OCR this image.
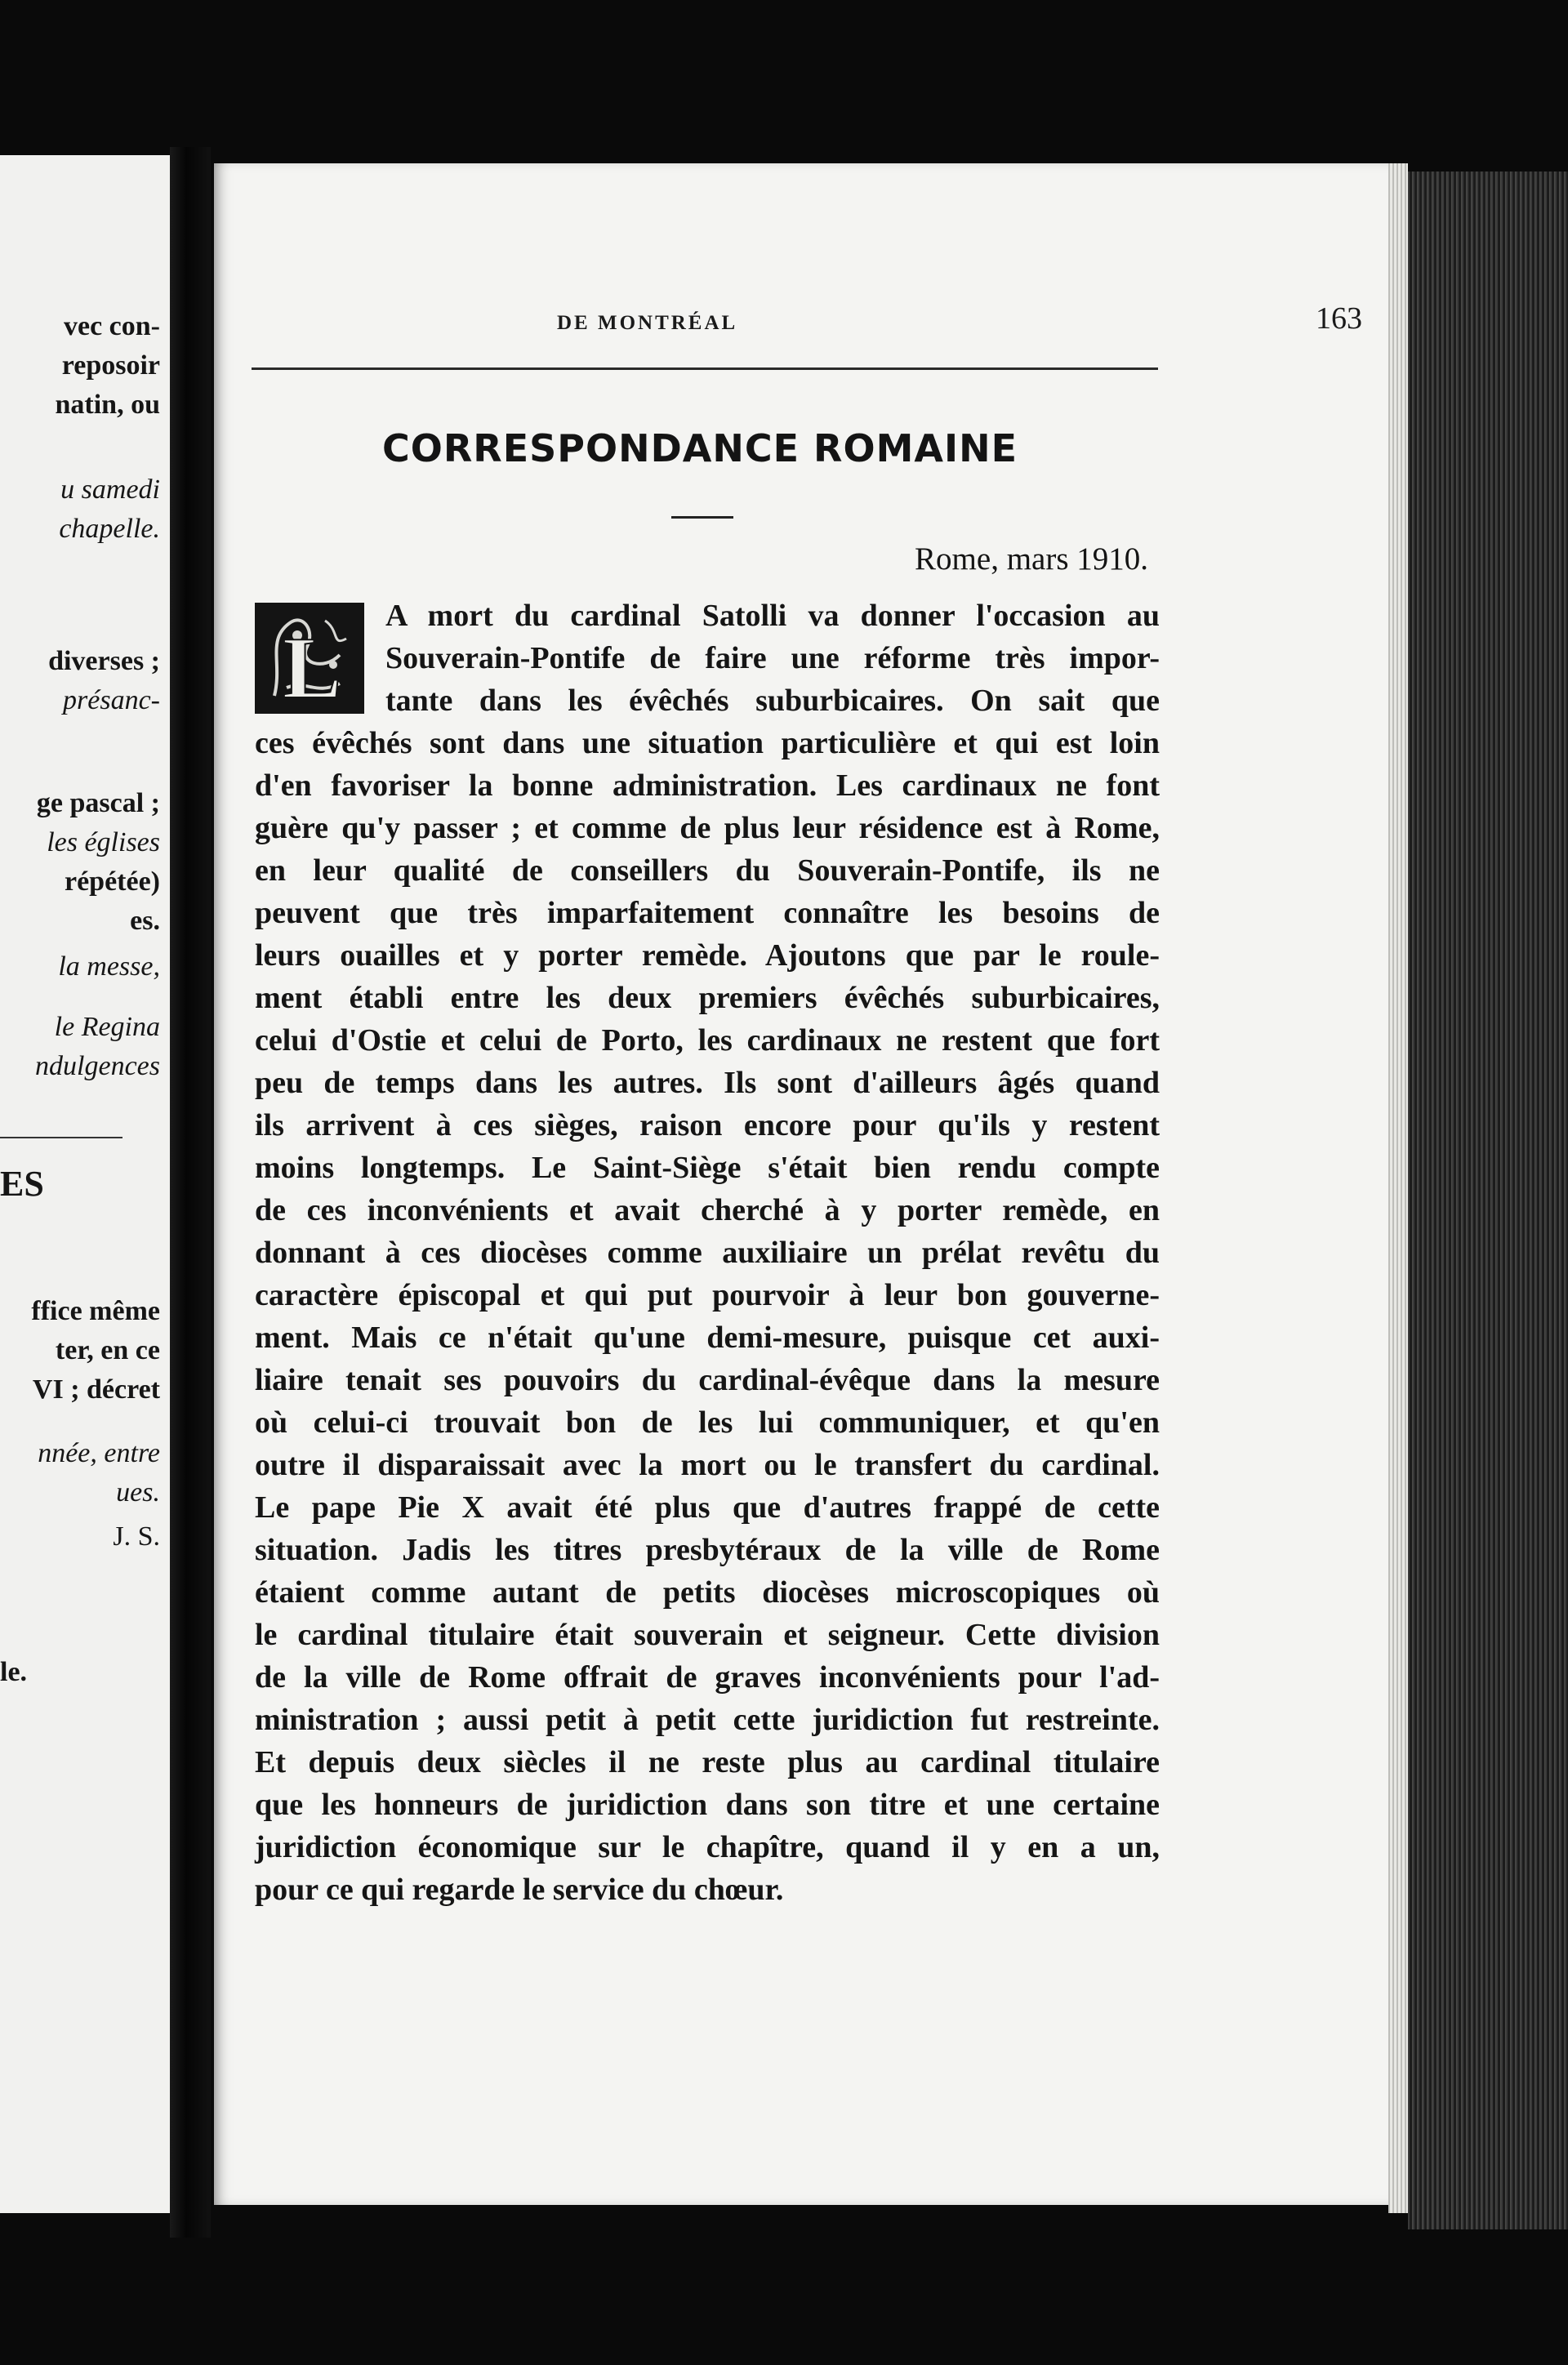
vec con-
reposoir
natin, ou
u samedi
chapelle.
diverses ;
présanc-
ge pascal ;
les églises
répétée)
es.
la messe,
le Regina
ndulgences
ES
ffice même
ter, en ce
VI ; décret
nnée, entre
ues.
J. S.
le.
DE MONTRÉAL	163
CORRESPONDANCE ROMAINE
Rome, mars 1910.
L
A mort du cardinal Satolli va donner l'occasion au
Souverain-Pontife de faire une réforme très impor-
tante dans les évêchés suburbicaires. On sait que
ces évêchés sont dans une situation particulière et qui est loin
d'en favoriser la bonne administration. Les cardinaux ne font
guère qu'y passer ; et comme de plus leur résidence est à Rome,
en leur qualité de conseillers du Souverain-Pontife, ils ne
peuvent que très imparfaitement connaître les besoins de
leurs ouailles et y porter remède. Ajoutons que par le roule-
ment établi entre les deux premiers évêchés suburbicaires,
celui d'Ostie et celui de Porto, les cardinaux ne restent que fort
peu de temps dans les autres. Ils sont d'ailleurs âgés quand
ils arrivent à ces sièges, raison encore pour qu'ils y restent
moins longtemps. Le Saint-Siège s'était bien rendu compte
de ces inconvénients et avait cherché à y porter remède, en
donnant à ces diocèses comme auxiliaire un prélat revêtu du
caractère épiscopal et qui put pourvoir à leur bon gouverne-
ment. Mais ce n'était qu'une demi-mesure, puisque cet auxi-
liaire tenait ses pouvoirs du cardinal-évêque dans la mesure
où celui-ci trouvait bon de les lui communiquer, et qu'en
outre il disparaissait avec la mort ou le transfert du cardinal.
Le pape Pie X avait été plus que d'autres frappé de cette
situation. Jadis les titres presbytéraux de la ville de Rome
étaient comme autant de petits diocèses microscopiques où
le cardinal titulaire était souverain et seigneur. Cette division
de la ville de Rome offrait de graves inconvénients pour l'ad-
ministration ; aussi petit à petit cette juridiction fut restreinte.
Et depuis deux siècles il ne reste plus au cardinal titulaire
que les honneurs de juridiction dans son titre et une certaine
juridiction économique sur le chapître, quand il y en a un,
pour ce qui regarde le service du chœur.
